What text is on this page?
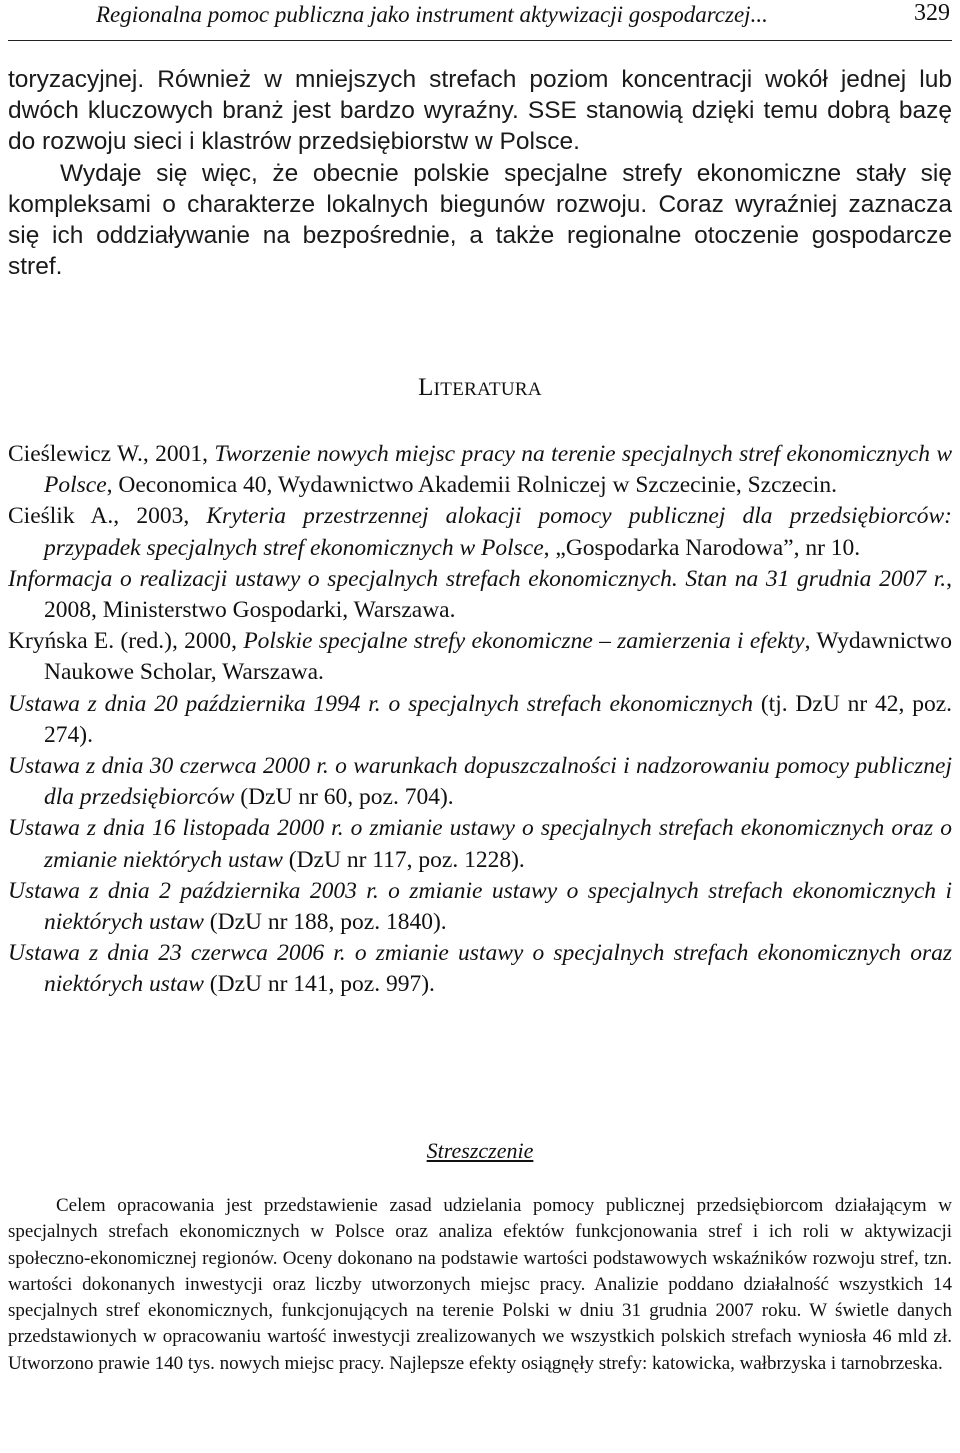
Regionalna pomoc publiczna jako instrument aktywizacji gospodarczej...	329

toryzacyjnej. Również w mniejszych strefach poziom koncentracji wokół jednej lub dwóch kluczowych branż jest bardzo wyraźny. SSE stanowią dzięki temu dobrą bazę do rozwoju sieci i klastrów przedsiębiorstw w Polsce.

Wydaje się więc, że obecnie polskie specjalne strefy ekonomiczne stały się kompleksami o charakterze lokalnych biegunów rozwoju. Coraz wyraźniej zaznacza się ich oddziaływanie na bezpośrednie, a także regionalne otoczenie gospodarcze stref.

LITERATURA

Cieślewicz W., 2001, Tworzenie nowych miejsc pracy na terenie specjalnych stref ekonomicznych w Polsce, Oeconomica 40, Wydawnictwo Akademii Rolniczej w Szczecinie, Szczecin.

Cieślik A., 2003, Kryteria przestrzennej alokacji pomocy publicznej dla przedsiębiorców: przypadek specjalnych stref ekonomicznych w Polsce, „Gospodarka Narodowa”, nr 10.

Informacja o realizacji ustawy o specjalnych strefach ekonomicznych. Stan na 31 grudnia 2007 r., 2008, Ministerstwo Gospodarki, Warszawa.

Kryńska E. (red.), 2000, Polskie specjalne strefy ekonomiczne – zamierzenia i efekty, Wydawnictwo Naukowe Scholar, Warszawa.

Ustawa z dnia 20 października 1994 r. o specjalnych strefach ekonomicznych (tj. DzU nr 42, poz. 274).

Ustawa z dnia 30 czerwca 2000 r. o warunkach dopuszczalności i nadzorowaniu pomocy publicznej dla przedsiębiorców (DzU nr 60, poz. 704).

Ustawa z dnia 16 listopada 2000 r. o zmianie ustawy o specjalnych strefach ekonomicznych oraz o zmianie niektórych ustaw (DzU nr 117, poz. 1228).

Ustawa z dnia 2 października 2003 r. o zmianie ustawy o specjalnych strefach ekonomicznych i niektórych ustaw (DzU nr 188, poz. 1840).

Ustawa z dnia 23 czerwca 2006 r. o zmianie ustawy o specjalnych strefach ekonomicznych oraz niektórych ustaw (DzU nr 141, poz. 997).

Streszczenie
Celem opracowania jest przedstawienie zasad udzielania pomocy publicznej przedsiębiorcom działającym w specjalnych strefach ekonomicznych w Polsce oraz analiza efektów funkcjonowania stref i ich roli w aktywizacji społeczno-ekonomicznej regionów. Oceny dokonano na podstawie wartości podstawowych wskaźników rozwoju stref, tzn. wartości dokonanych inwestycji oraz liczby utworzonych miejsc pracy. Analizie poddano działalność wszystkich 14 specjalnych stref ekonomicznych, funkcjonujących na terenie Polski w dniu 31 grudnia 2007 roku. W świetle danych przedstawionych w opracowaniu wartość inwestycji zrealizowanych we wszystkich polskich strefach wyniosła 46 mld zł. Utworzono prawie 140 tys. nowych miejsc pracy. Najlepsze efekty osiągnęły strefy: katowicka, wałbrzyska i tarnobrzeska.
